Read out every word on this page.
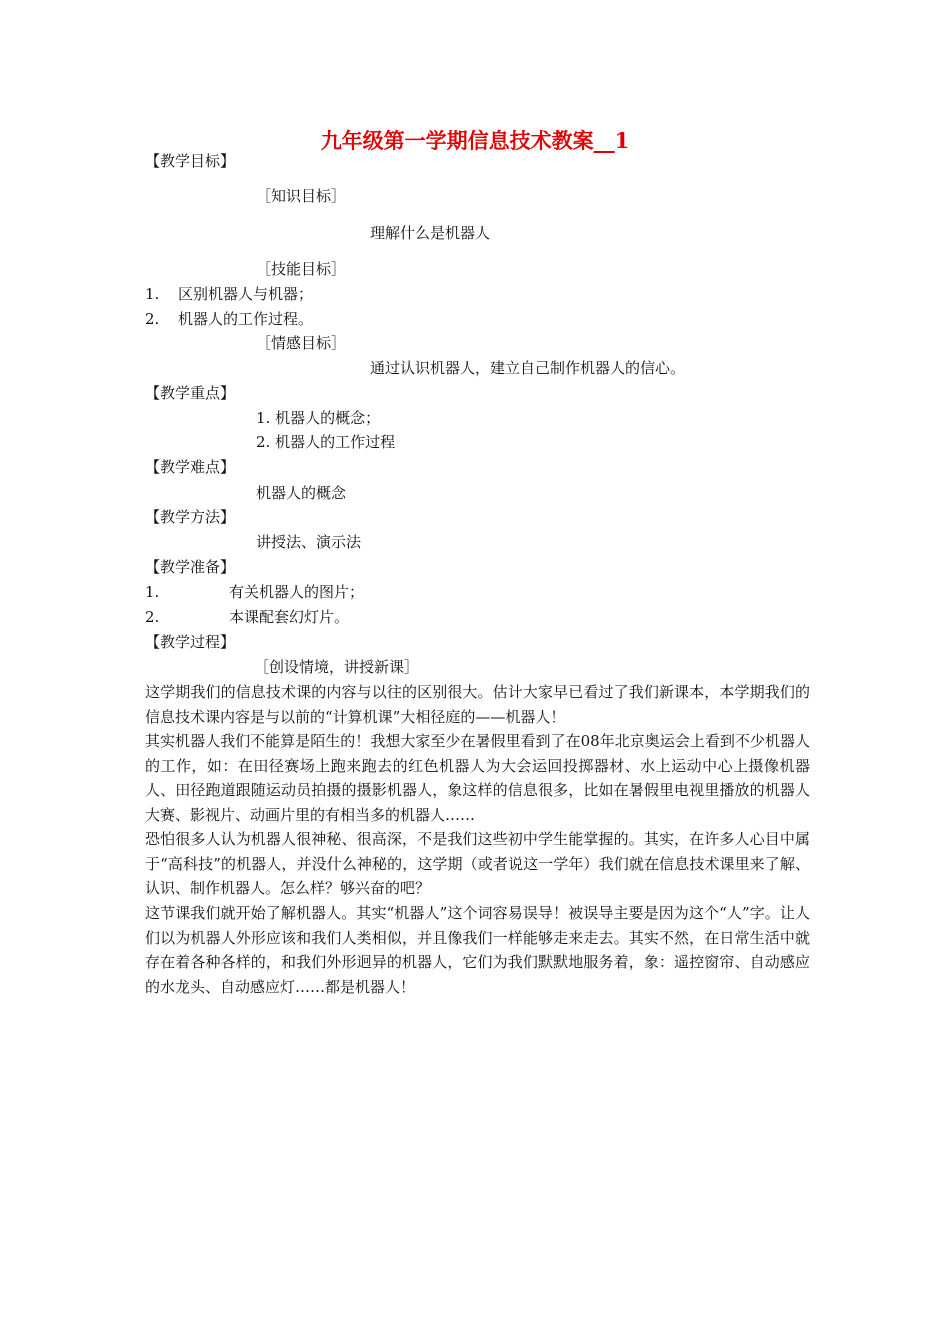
九年级第一学期信息技术教案__1
【教学目标】
［知识目标］
理解什么是机器人
［技能目标］
1. 区别机器人与机器；
2. 机器人的工作过程。
［情感目标］
通过认识机器人，建立自己制作机器人的信心。
【教学重点】
1. 机器人的概念；
2. 机器人的工作过程
【教学难点】
机器人的概念
【教学方法】
讲授法、演示法
【教学准备】
1.	有关机器人的图片；
2.	本课配套幻灯片。
【教学过程】
［创设情境，讲授新课］
这学期我们的信息技术课的内容与以往的区别很大。估计大家早已看过了我们新课本，本学期我们的信息技术课内容是与以前的“计算机课”大相径庭的——机器人！
其实机器人我们不能算是陌生的！我想大家至少在暑假里看到了在08年北京奥运会上看到不少机器人的工作，如：在田径赛场上跑来跑去的红色机器人为大会运回投掷器材、水上运动中心上摄像机器人、田径跑道跟随运动员拍摄的摄影机器人，象这样的信息很多，比如在暑假里电视里播放的机器人大赛、影视片、动画片里的有相当多的机器人……
恐怕很多人认为机器人很神秘、很高深，不是我们这些初中学生能掌握的。其实，在许多人心目中属于“高科技”的机器人，并没什么神秘的，这学期（或者说这一学年）我们就在信息技术课里来了解、认识、制作机器人。怎么样？够兴奋的吧？
这节课我们就开始了解机器人。其实“机器人”这个词容易误导！被误导主要是因为这个“人”字。让人们以为机器人外形应该和我们人类相似，并且像我们一样能够走来走去。其实不然，在日常生活中就存在着各种各样的，和我们外形迥异的机器人，它们为我们默默地服务着，象：遥控窗帘、自动感应的水龙头、自动感应灯……都是机器人！
